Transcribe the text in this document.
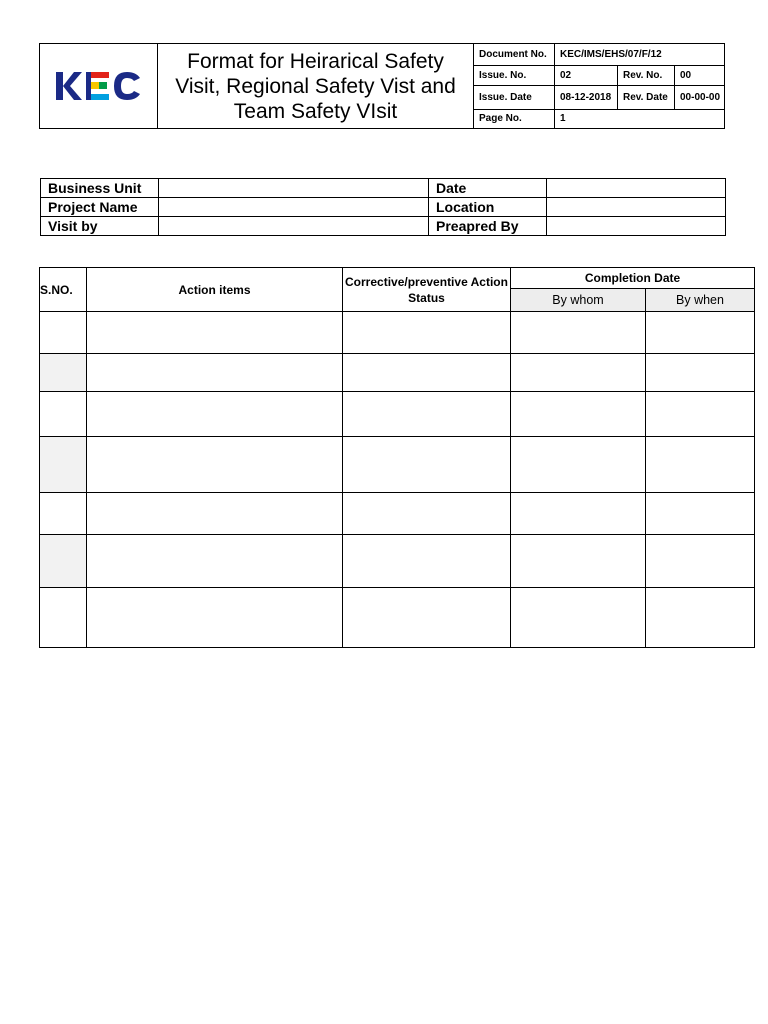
KEC	Format for Heirarical Safety Visit, Regional Safety Vist and Team Safety VIsit	Document No.	KEC/IMS/EHS/07/F/12		
		Issue. No.	02	Rev. No.	00
		Issue. Date	08-12-2018	Rev. Date	00-00-00
		Page No.	1		
Business Unit		Date	
Project Name		Location	
Visit by		Preapred By	
S.NO.	Action items	Corrective/preventive Action Status	Completion Date	
			By whom	By when
